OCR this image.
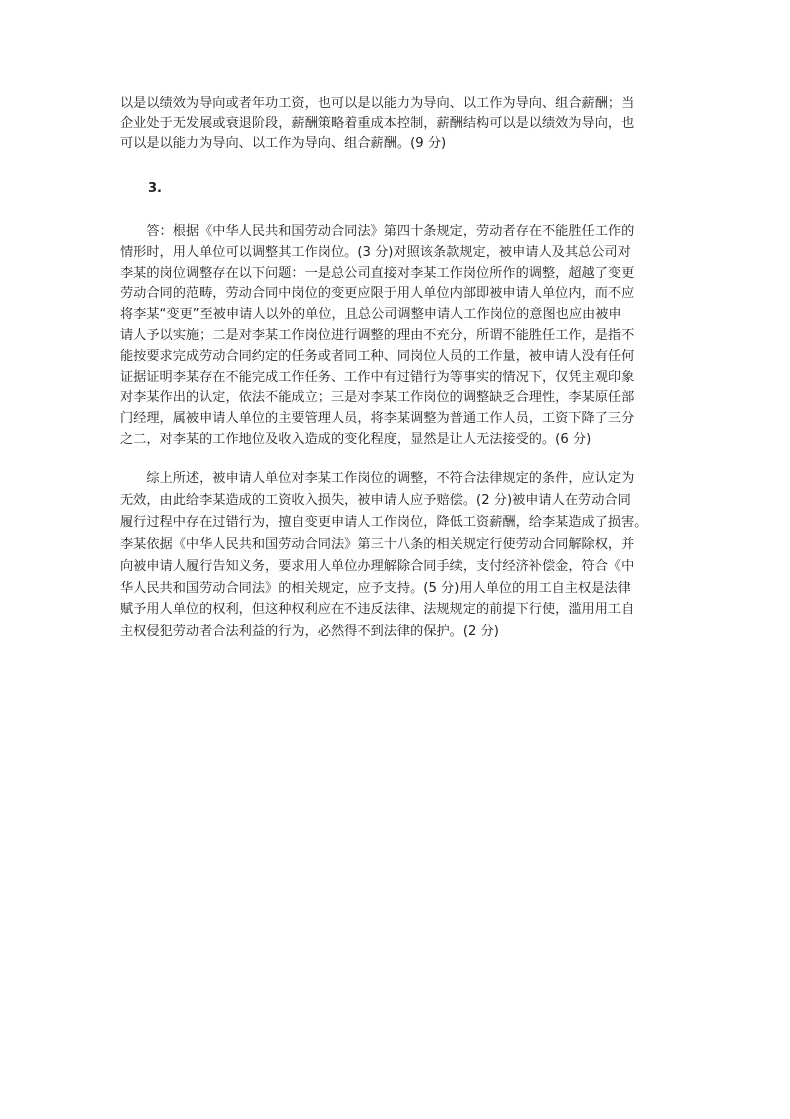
以是以绩效为导向或者年功工资，也可以是以能力为导向、以工作为导向、组合薪酬；当
企业处于无发展或衰退阶段，薪酬策略着重成本控制，薪酬结构可以是以绩效为导向，也
可以是以能力为导向、以工作为导向、组合薪酬。(9 分)
3.
　　答：根据《中华人民共和国劳动合同法》第四十条规定，劳动者存在不能胜任工作的
情形时，用人单位可以调整其工作岗位。(3 分)对照该条款规定，被申请人及其总公司对
李某的岗位调整存在以下问题：一是总公司直接对李某工作岗位所作的调整，超越了变更
劳动合同的范畴，劳动合同中岗位的变更应限于用人单位内部即被申请人单位内，而不应
将李某“变更”至被申请人以外的单位，且总公司调整申请人工作岗位的意图也应由被申
请人予以实施；二是对李某工作岗位进行调整的理由不充分，所谓不能胜任工作，是指不
能按要求完成劳动合同约定的任务或者同工种、同岗位人员的工作量，被申请人没有任何
证据证明李某存在不能完成工作任务、工作中有过错行为等事实的情况下，仅凭主观印象
对李某作出的认定，依法不能成立；三是对李某工作岗位的调整缺乏合理性，李某原任部
门经理，属被申请人单位的主要管理人员，将李某调整为普通工作人员，工资下降了三分
之二，对李某的工作地位及收入造成的变化程度，显然是让人无法接受的。(6 分)
　　综上所述，被申请人单位对李某工作岗位的调整，不符合法律规定的条件，应认定为
无效，由此给李某造成的工资收入损失，被申请人应予赔偿。(2 分)被申请人在劳动合同
履行过程中存在过错行为，擅自变更申请人工作岗位，降低工资薪酬，给李某造成了损害。
李某依据《中华人民共和国劳动合同法》第三十八条的相关规定行使劳动合同解除权，并
向被申请人履行告知义务，要求用人单位办理解除合同手续，支付经济补偿金，符合《中
华人民共和国劳动合同法》的相关规定，应予支持。(5 分)用人单位的用工自主权是法律
赋予用人单位的权利，但这种权利应在不违反法律、法规规定的前提下行使，滥用用工自
主权侵犯劳动者合法利益的行为，必然得不到法律的保护。(2 分)
